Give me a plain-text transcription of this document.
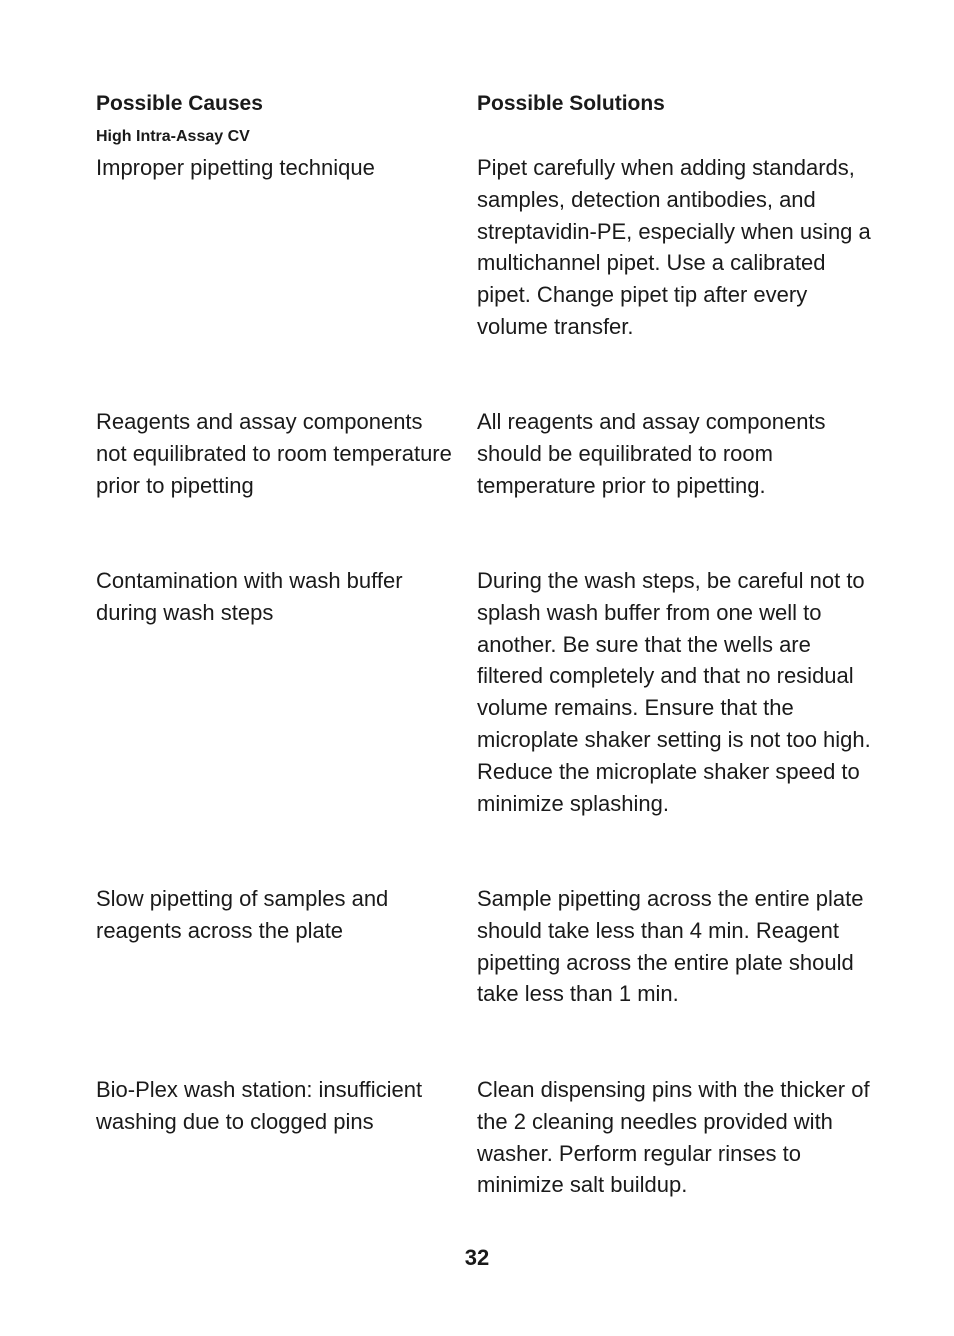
Possible Causes	Possible Solutions
High Intra-Assay CV

Improper pipetting technique	Pipet carefully when adding standards, samples, detection antibodies, and streptavidin-PE, especially when using a multichannel pipet. Use a calibrated pipet. Change pipet tip after every volume transfer.

Reagents and assay components not equilibrated to room temperature prior to pipetting

All reagents and assay components should be equilibrated to room temperature prior to pipetting.

Contamination with wash buffer during wash steps

During the wash steps, be careful not to splash wash buffer from one well to another. Be sure that the wells are filtered completely and that no residual volume remains. Ensure that the microplate shaker setting is not too high. Reduce the microplate shaker speed to minimize splashing.

Slow pipetting of samples and reagents across the plate

Sample pipetting across the entire plate should take less than 4 min. Reagent pipetting across the entire plate should take less than 1 min.

Bio-Plex wash station: insufficient washing due to clogged pins

Clean dispensing pins with the thicker of the 2 cleaning needles provided with washer. Perform regular rinses to minimize salt buildup.

32
